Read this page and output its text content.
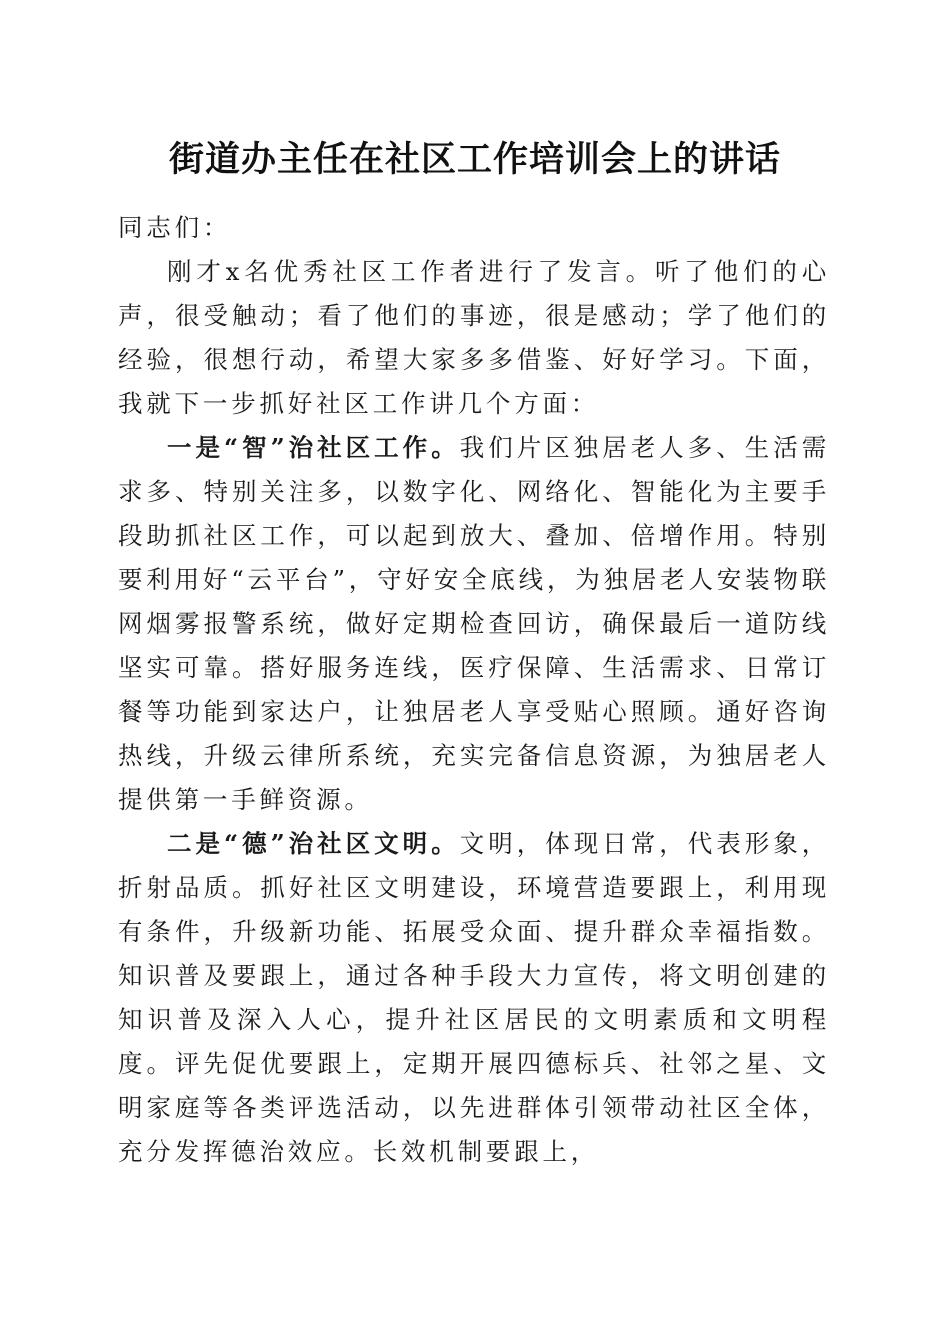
街道办主任在社区工作培训会上的讲话

同志们：

刚才x名优秀社区工作者进行了发言。听了他们的心声，很受触动；看了他们的事迹，很是感动；学了他们的经验，很想行动，希望大家多多借鉴、好好学习。下面，我就下一步抓好社区工作讲几个方面：

一是“智”治社区工作。我们片区独居老人多、生活需求多、特别关注多，以数字化、网络化、智能化为主要手段助抓社区工作，可以起到放大、叠加、倍增作用。特别要利用好“云平台”，守好安全底线，为独居老人安装物联网烟雾报警系统，做好定期检查回访，确保最后一道防线坚实可靠。搭好服务连线，医疗保障、生活需求、日常订餐等功能到家达户，让独居老人享受贴心照顾。通好咨询热线，升级云律所系统，充实完备信息资源，为独居老人提供第一手鲜资源。

二是“德”治社区文明。文明，体现日常，代表形象，折射品质。抓好社区文明建设，环境营造要跟上，利用现有条件，升级新功能、拓展受众面、提升群众幸福指数。知识普及要跟上，通过各种手段大力宣传，将文明创建的知识普及深入人心，提升社区居民的文明素质和文明程度。评先促优要跟上，定期开展四德标兵、社邻之星、文明家庭等各类评选活动，以先进群体引领带动社区全体，充分发挥德治效应。长效机制要跟上，
